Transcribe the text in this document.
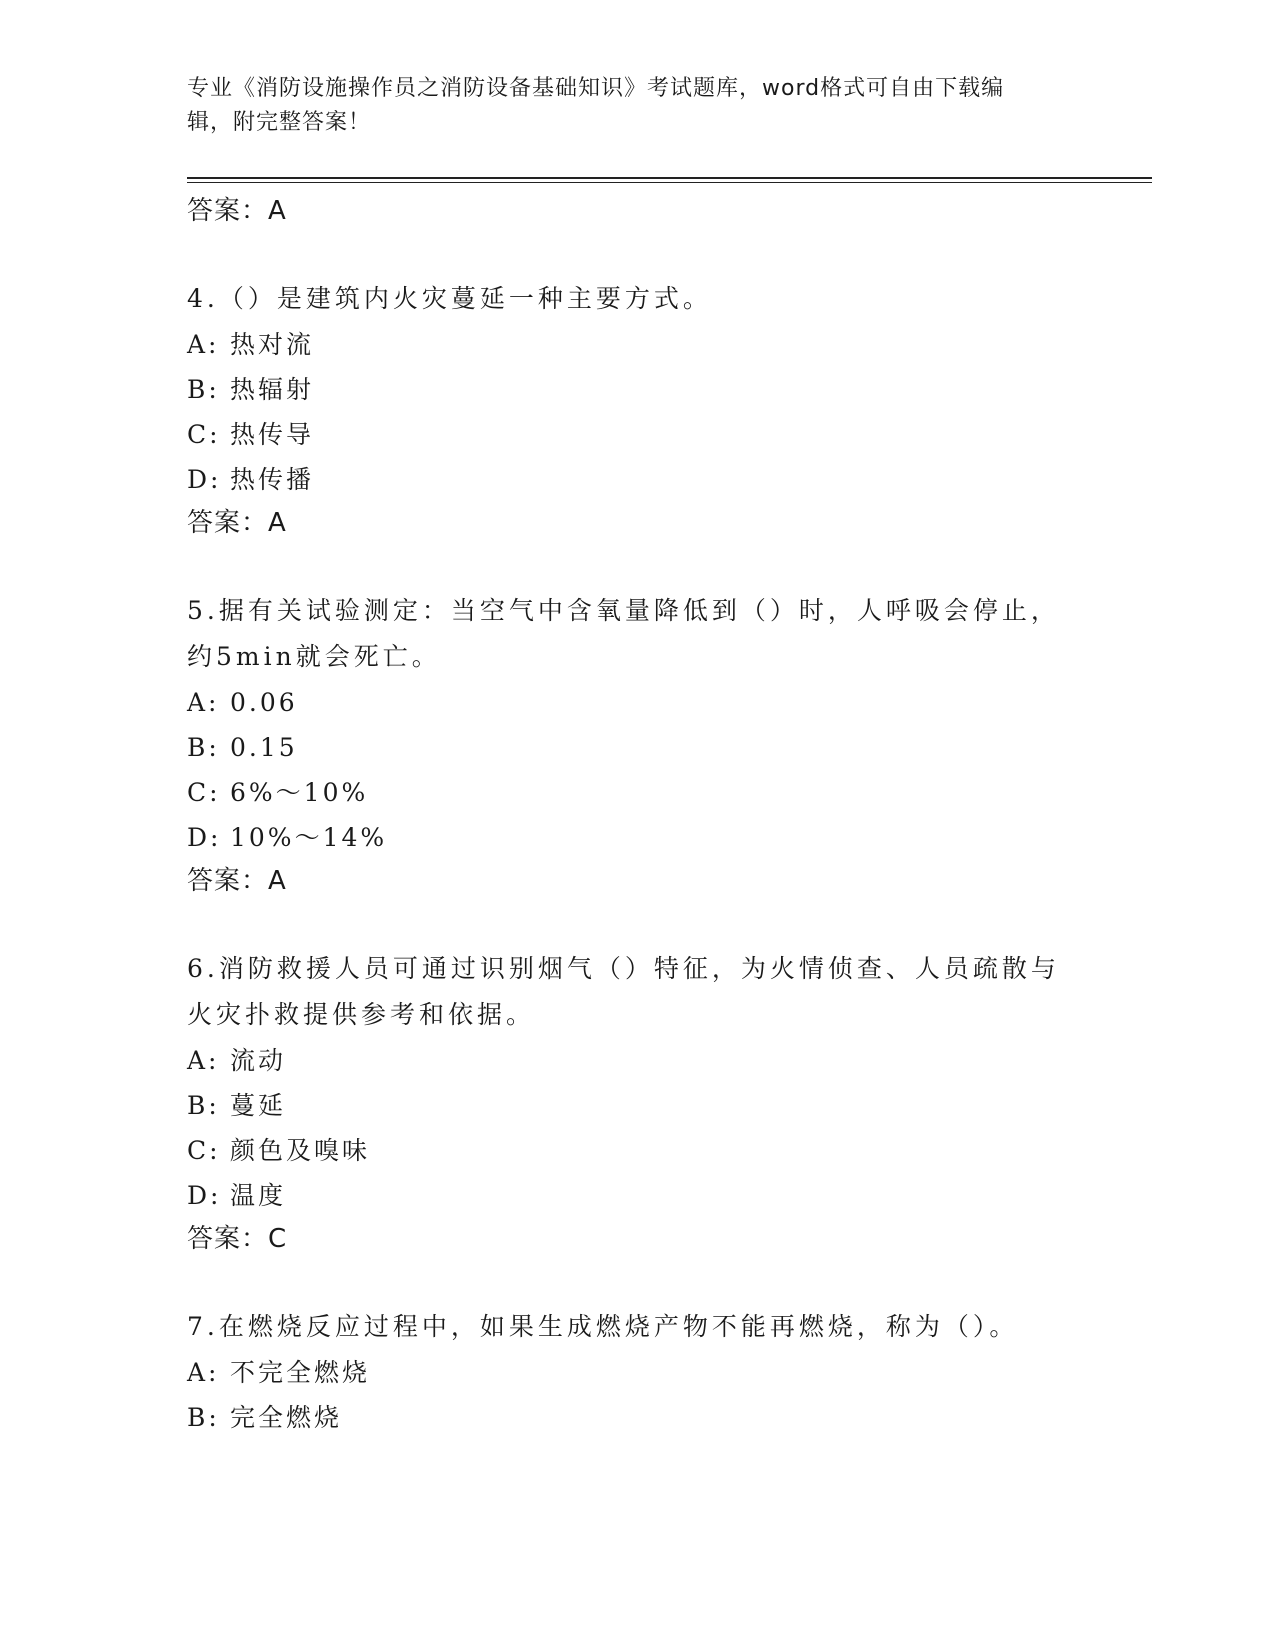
专业《消防设施操作员之消防设备基础知识》考试题库，word格式可自由下载编
辑，附完整答案！
答案：A
4.（）是建筑内火灾蔓延一种主要方式。
A: 热对流
B: 热辐射
C: 热传导
D: 热传播
答案：A
5.据有关试验测定：当空气中含氧量降低到（）时，人呼吸会停止，约5min就会死亡。
A: 0.06
B: 0.15
C: 6%～10%
D: 10%～14%
答案：A
6.消防救援人员可通过识别烟气（）特征，为火情侦查、人员疏散与火灾扑救提供参考和依据。
A: 流动
B: 蔓延
C: 颜色及嗅味
D: 温度
答案：C
7.在燃烧反应过程中，如果生成燃烧产物不能再燃烧，称为（）。
A: 不完全燃烧
B: 完全燃烧
